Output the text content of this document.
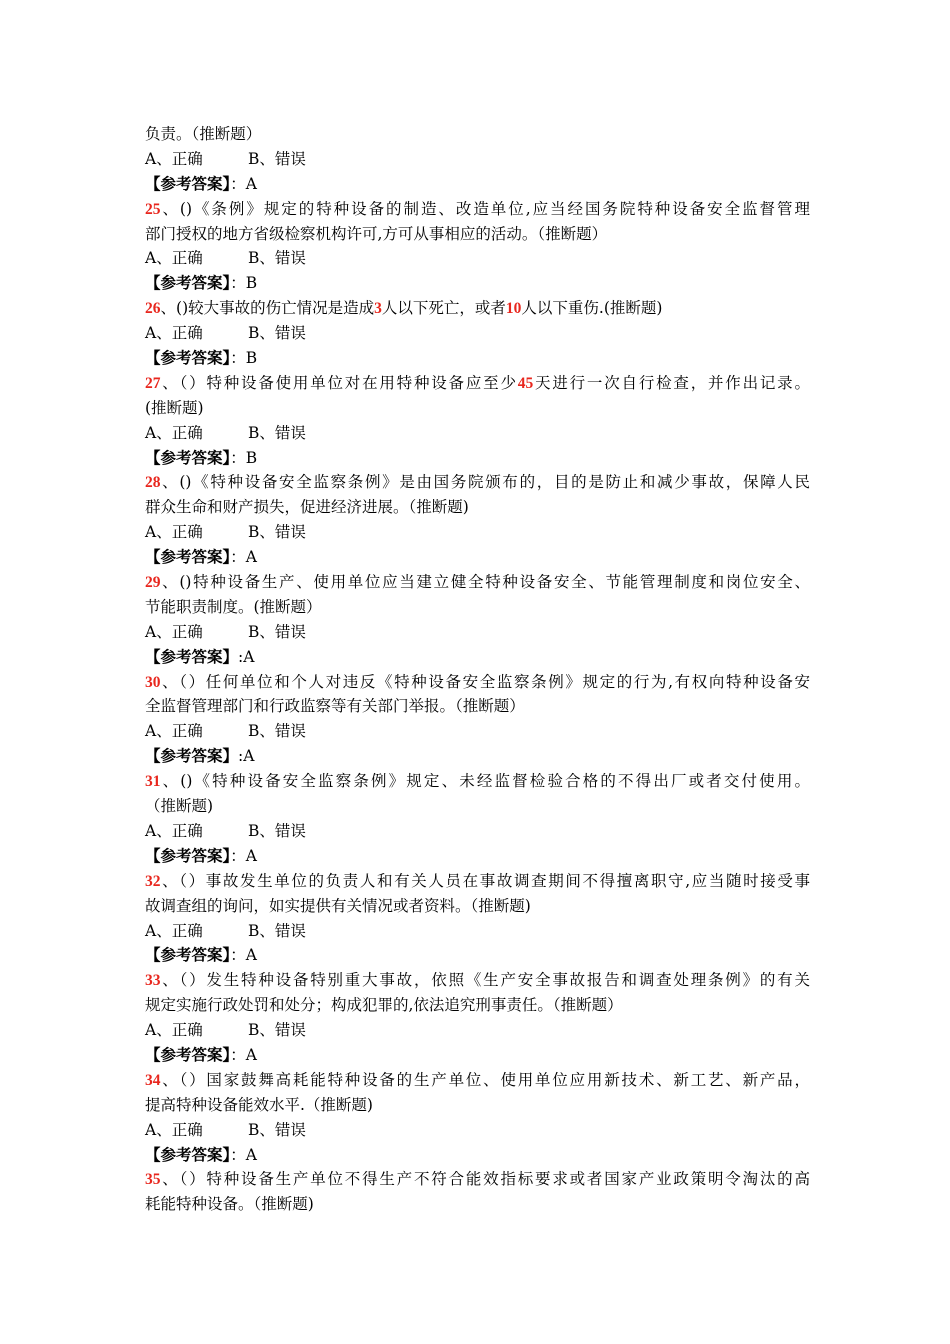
负责。（推断题）
A、正确	B、错误
【参考答案】：A
25、()《条例》规定的特种设备的制造、改造单位,应当经国务院特种设备安全监督管理
部门授权的地方省级检察机构许可,方可从事相应的活动。（推断题）
A、正确	B、错误
【参考答案】：B
26、()较大事故的伤亡情况是造成3人以下死亡，或者10人以下重伤.(推断题)
A、正确	B、错误
【参考答案】：B
27、（）特种设备使用单位对在用特种设备应至少45天进行一次自行检查，并作出记录。
(推断题)
A、正确	B、错误
【参考答案】：B
28、()《特种设备安全监察条例》是由国务院颁布的，目的是防止和减少事故，保障人民
群众生命和财产损失，促进经济进展。（推断题)
A、正确	B、错误
【参考答案】：A
29、()特种设备生产、使用单位应当建立健全特种设备安全、节能管理制度和岗位安全、
节能职责制度。(推断题）
A、正确	B、错误
【参考答案】:A
30、（）任何单位和个人对违反《特种设备安全监察条例》规定的行为,有权向特种设备安
全监督管理部门和行政监察等有关部门举报。（推断题）
A、正确	B、错误
【参考答案】:A
31、()《特种设备安全监察条例》规定、未经监督检验合格的不得出厂或者交付使用。
（推断题)
A、正确	B、错误
【参考答案】：A
32、（）事故发生单位的负责人和有关人员在事故调查期间不得擅离职守,应当随时接受事
故调查组的询问，如实提供有关情况或者资料。（推断题)
A、正确	B、错误
【参考答案】：A
33、（）发生特种设备特别重大事故，依照《生产安全事故报告和调查处理条例》的有关
规定实施行政处罚和处分；构成犯罪的,依法追究刑事责任。（推断题）
A、正确	B、错误
【参考答案】：A
34、（）国家鼓舞高耗能特种设备的生产单位、使用单位应用新技术、新工艺、新产品，
提高特种设备能效水平.（推断题)
A、正确	B、错误
【参考答案】：A
35、（）特种设备生产单位不得生产不符合能效指标要求或者国家产业政策明令淘汰的高
耗能特种设备。（推断题)
